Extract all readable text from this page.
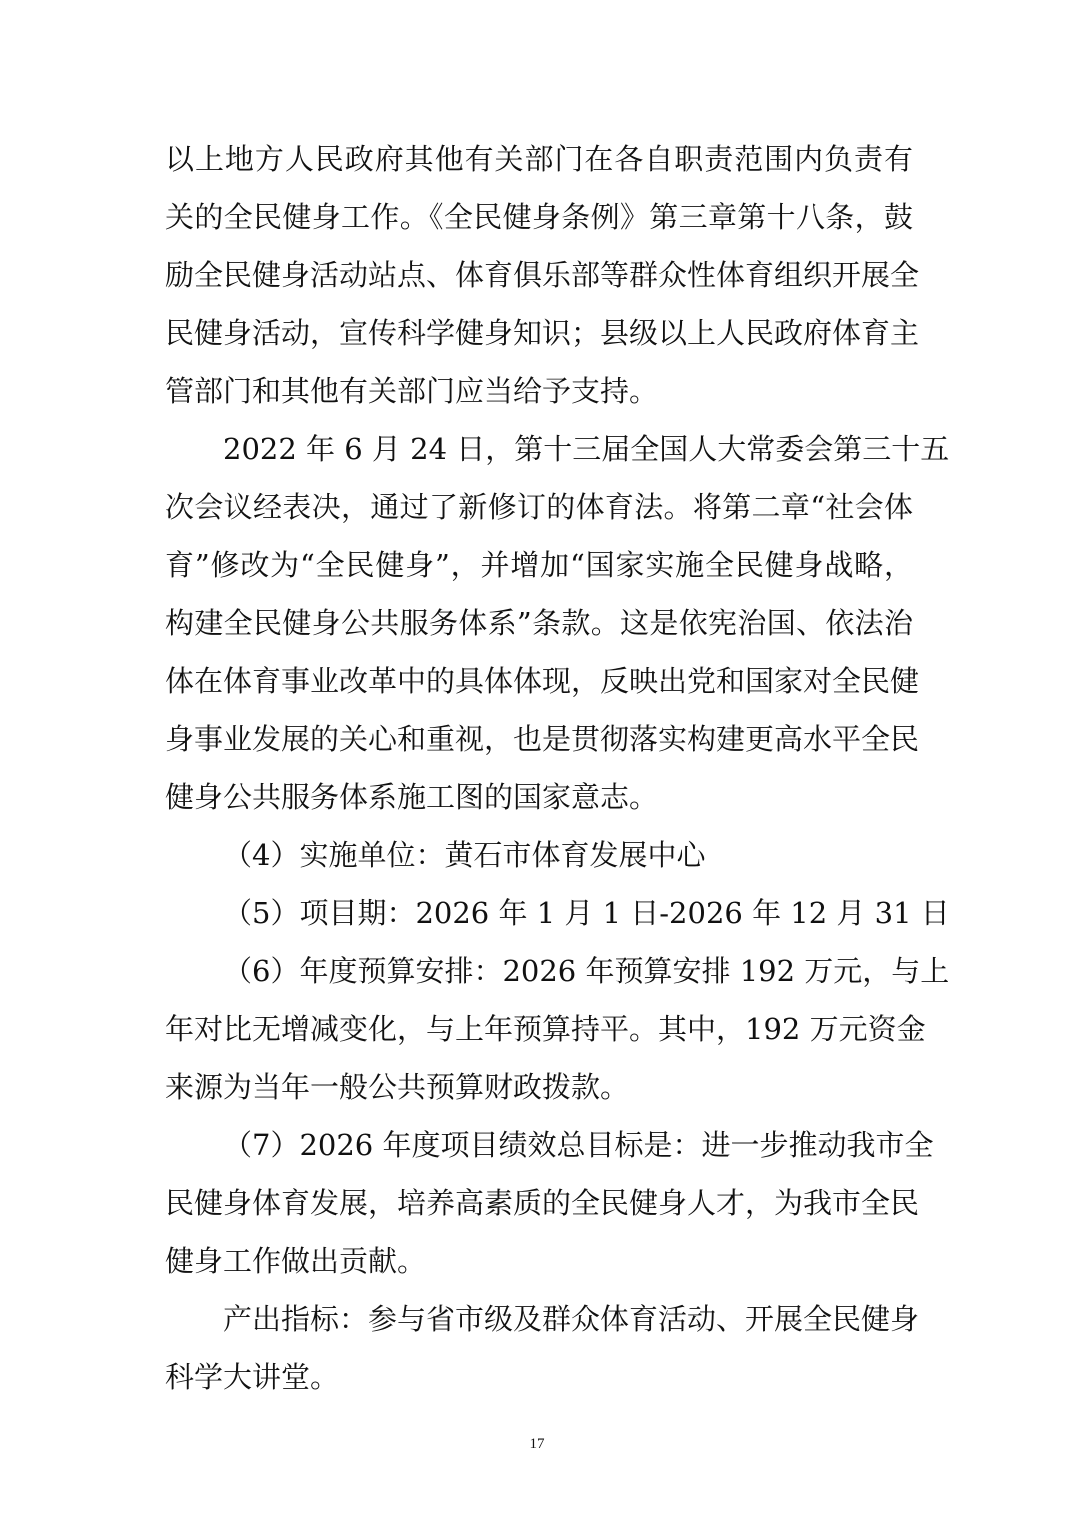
以上地方人民政府其他有关部门在各自职责范围内负责有
关的全民健身工作。《全民健身条例》第三章第十八条，鼓
励全民健身活动站点、体育俱乐部等群众性体育组织开展全
民健身活动，宣传科学健身知识；县级以上人民政府体育主
管部门和其他有关部门应当给予支持。
2022 年 6 月 24 日，第十三届全国人大常委会第三十五
次会议经表决，通过了新修订的体育法。将第二章“社会体
育”修改为“全民健身”，并增加“国家实施全民健身战略，
构建全民健身公共服务体系”条款。这是依宪治国、依法治
体在体育事业改革中的具体体现，反映出党和国家对全民健
身事业发展的关心和重视，也是贯彻落实构建更高水平全民
健身公共服务体系施工图的国家意志。
（4）实施单位：黄石市体育发展中心
（5）项目期：2026 年 1 月 1 日-2026 年 12 月 31 日
（6）年度预算安排：2026 年预算安排 192 万元，与上
年对比无增减变化，与上年预算持平。其中，192 万元资金
来源为当年一般公共预算财政拨款。
（7）2026 年度项目绩效总目标是：进一步推动我市全
民健身体育发展，培养高素质的全民健身人才，为我市全民
健身工作做出贡献。
产出指标：参与省市级及群众体育活动、开展全民健身
科学大讲堂。
17
